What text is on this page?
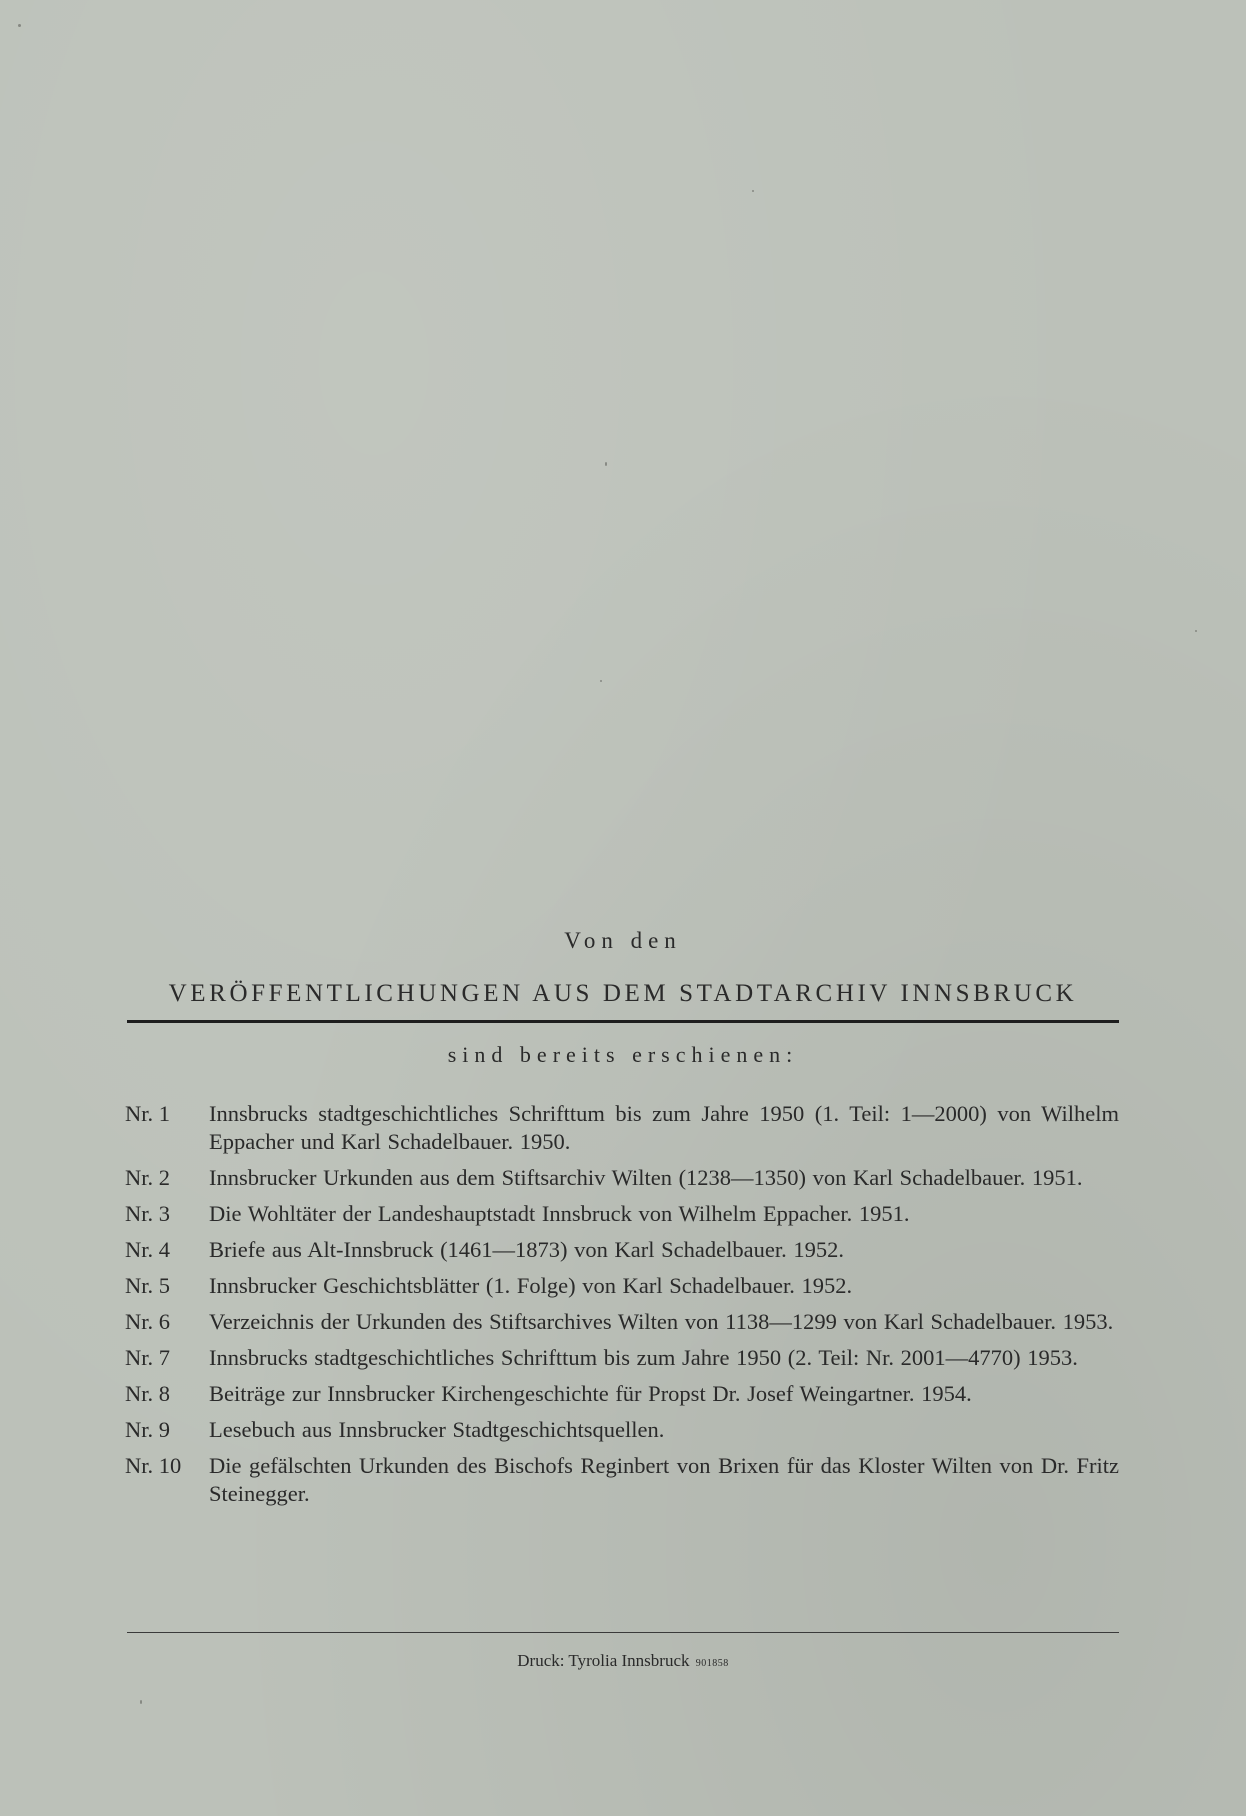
Von den
VERÖFFENTLICHUNGEN AUS DEM STADTARCHIV INNSBRUCK
sind bereits erschienen:
Nr. 1	Innsbrucks stadtgeschichtliches Schrifttum bis zum Jahre 1950 (1. Teil: 1—2000) von Wilhelm Eppacher und Karl Schadelbauer. 1950.
Nr. 2	Innsbrucker Urkunden aus dem Stiftsarchiv Wilten (1238—1350) von Karl Schadelbauer. 1951.
Nr. 3	Die Wohltäter der Landeshauptstadt Innsbruck von Wilhelm Eppacher. 1951.
Nr. 4	Briefe aus Alt-Innsbruck (1461—1873) von Karl Schadelbauer. 1952.
Nr. 5	Innsbrucker Geschichtsblätter (1. Folge) von Karl Schadelbauer. 1952.
Nr. 6	Verzeichnis der Urkunden des Stiftsarchives Wilten von 1138—1299 von Karl Schadelbauer. 1953.
Nr. 7	Innsbrucks stadtgeschichtliches Schrifttum bis zum Jahre 1950 (2. Teil: Nr. 2001—4770) 1953.
Nr. 8	Beiträge zur Innsbrucker Kirchengeschichte für Propst Dr. Josef Weingartner. 1954.
Nr. 9	Lesebuch aus Innsbrucker Stadtgeschichtsquellen.
Nr. 10	Die gefälschten Urkunden des Bischofs Reginbert von Brixen für das Kloster Wilten von Dr. Fritz Steinegger.
Druck: Tyrolia Innsbruck 901858
